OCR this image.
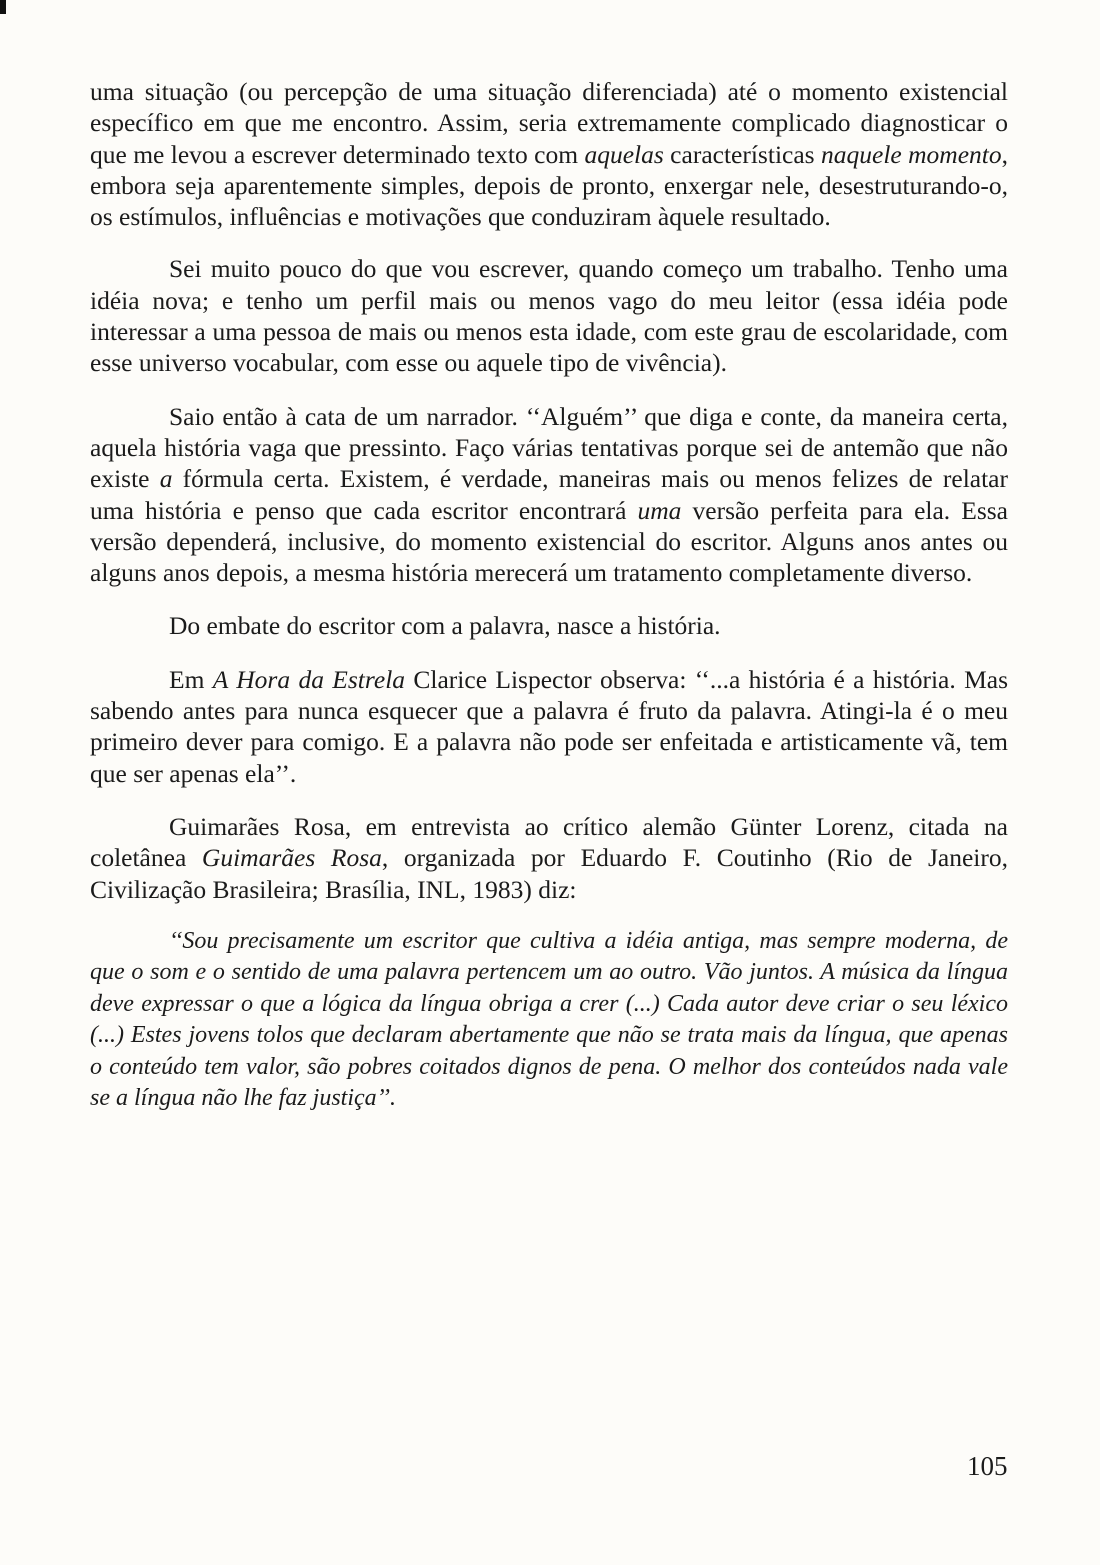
uma situação (ou percepção de uma situação diferenciada) até o momento existencial específico em que me encontro. Assim, seria extremamente complicado diagnosticar o que me levou a escrever determinado texto com aquelas características naquele momento, embora seja aparentemente simples, depois de pronto, enxergar nele, desestruturando-o, os estímulos, influências e motivações que conduziram àquele resultado.

Sei muito pouco do que vou escrever, quando começo um trabalho. Tenho uma idéia nova; e tenho um perfil mais ou menos vago do meu leitor (essa idéia pode interessar a uma pessoa de mais ou menos esta idade, com este grau de escolaridade, com esse universo vocabular, com esse ou aquele tipo de vivência).

Saio então à cata de um narrador. ‘‘Alguém’’ que diga e conte, da maneira certa, aquela história vaga que pressinto. Faço várias tentativas porque sei de antemão que não existe a fórmula certa. Existem, é verdade, maneiras mais ou menos felizes de relatar uma história e penso que cada escritor encontrará uma versão perfeita para ela. Essa versão dependerá, inclusive, do momento existencial do escritor. Alguns anos antes ou alguns anos depois, a mesma história merecerá um tratamento completamente diverso.

Do embate do escritor com a palavra, nasce a história.

Em A Hora da Estrela Clarice Lispector observa: ‘‘...a história é a história. Mas sabendo antes para nunca esquecer que a palavra é fruto da palavra. Atingi-la é o meu primeiro dever para comigo. E a palavra não pode ser enfeitada e artisticamente vã, tem que ser apenas ela’’.

Guimarães Rosa, em entrevista ao crítico alemão Günter Lorenz, citada na coletânea Guimarães Rosa, organizada por Eduardo F. Coutinho (Rio de Janeiro, Civilização Brasileira; Brasília, INL, 1983) diz:

‘‘Sou precisamente um escritor que cultiva a idéia antiga, mas sempre moderna, de que o som e o sentido de uma palavra pertencem um ao outro. Vão juntos. A música da língua deve expressar o que a lógica da língua obriga a crer (...) Cada autor deve criar o seu léxico (...) Estes jovens tolos que declaram abertamente que não se trata mais da língua, que apenas o conteúdo tem valor, são pobres coitados dignos de pena. O melhor dos conteúdos nada vale se a língua não lhe faz justiça’’.

105
